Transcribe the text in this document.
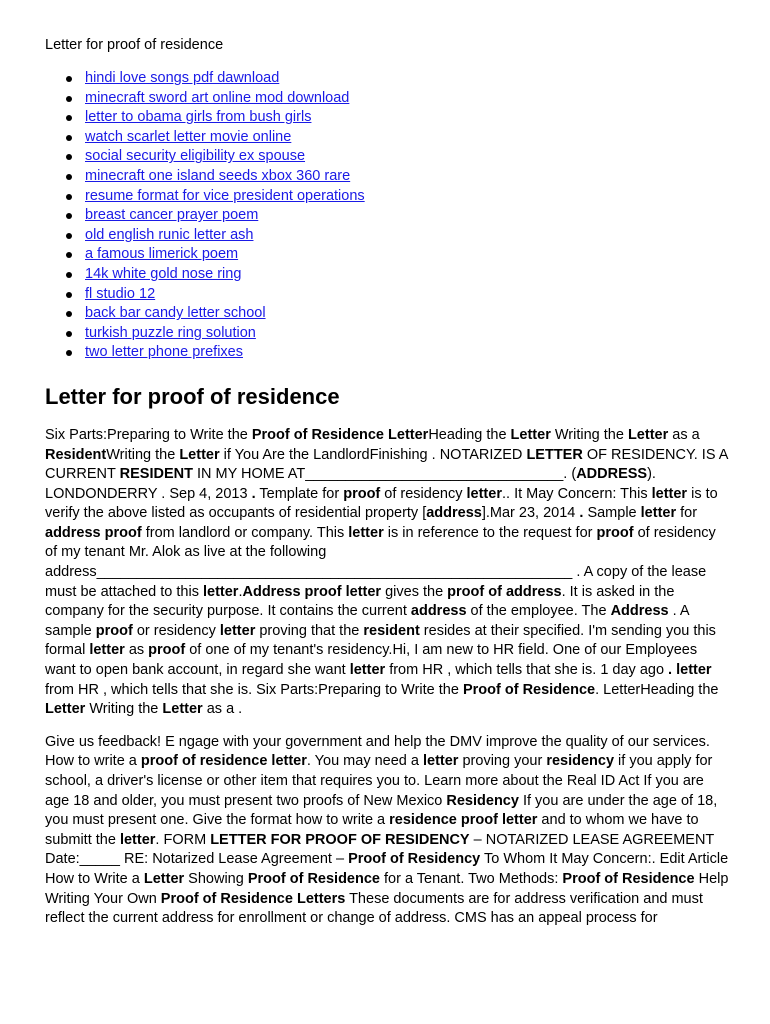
Letter for proof of residence
hindi love songs pdf dawnload
minecraft sword art online mod download
letter to obama girls from bush girls
watch scarlet letter movie online
social security eligibility ex spouse
minecraft one island seeds xbox 360 rare
resume format for vice president operations
breast cancer prayer poem
old english runic letter ash
a famous limerick poem
14k white gold nose ring
fl studio 12
back bar candy letter school
turkish puzzle ring solution
two letter phone prefixes
Letter for proof of residence

Six Parts:Preparing to Write the Proof of Residence LetterHeading the Letter Writing the Letter as a ResidentWriting the Letter if You Are the LandlordFinishing . NOTARIZED LETTER OF RESIDENCY. IS A CURRENT RESIDENT IN MY HOME AT________________________________. (ADDRESS). LONDONDERRY . Sep 4, 2013 . Template for proof of residency letter.. It May Concern: This letter is to verify the above listed as occupants of residential property [address].Mar 23, 2014 . Sample letter for address proof from landlord or company. This letter is in reference to the request for proof of residency of my tenant Mr. Alok as live at the following address___________________________________________________________ . A copy of the lease must be attached to this letter.Address proof letter gives the proof of address. It is asked in the company for the security purpose. It contains the current address of the employee. The Address . A sample proof or residency letter proving that the resident resides at their specified. I'm sending you this formal letter as proof of one of my tenant's residency.Hi, I am new to HR field. One of our Employees want to open bank account, in regard she want letter from HR , which tells that she is. 1 day ago . letter from HR , which tells that she is. Six Parts:Preparing to Write the Proof of Residence. LetterHeading the Letter Writing the Letter as a .

Give us feedback! E ngage with your government and help the DMV improve the quality of our services. How to write a proof of residence letter. You may need a letter proving your residency if you apply for school, a driver's license or other item that requires you to. Learn more about the Real ID Act If you are age 18 and older, you must present two proofs of New Mexico Residency If you are under the age of 18, you must present one. Give the format how to write a residence proof letter and to whom we have to submitt the letter. FORM LETTER FOR PROOF OF RESIDENCY – NOTARIZED LEASE AGREEMENT Date:_____ RE: Notarized Lease Agreement – Proof of Residency To Whom It May Concern:. Edit Article How to Write a Letter Showing Proof of Residence for a Tenant. Two Methods: Proof of Residence Help Writing Your Own Proof of Residence Letters These documents are for address verification and must reflect the current address for enrollment or change of address. CMS has an appeal process for
